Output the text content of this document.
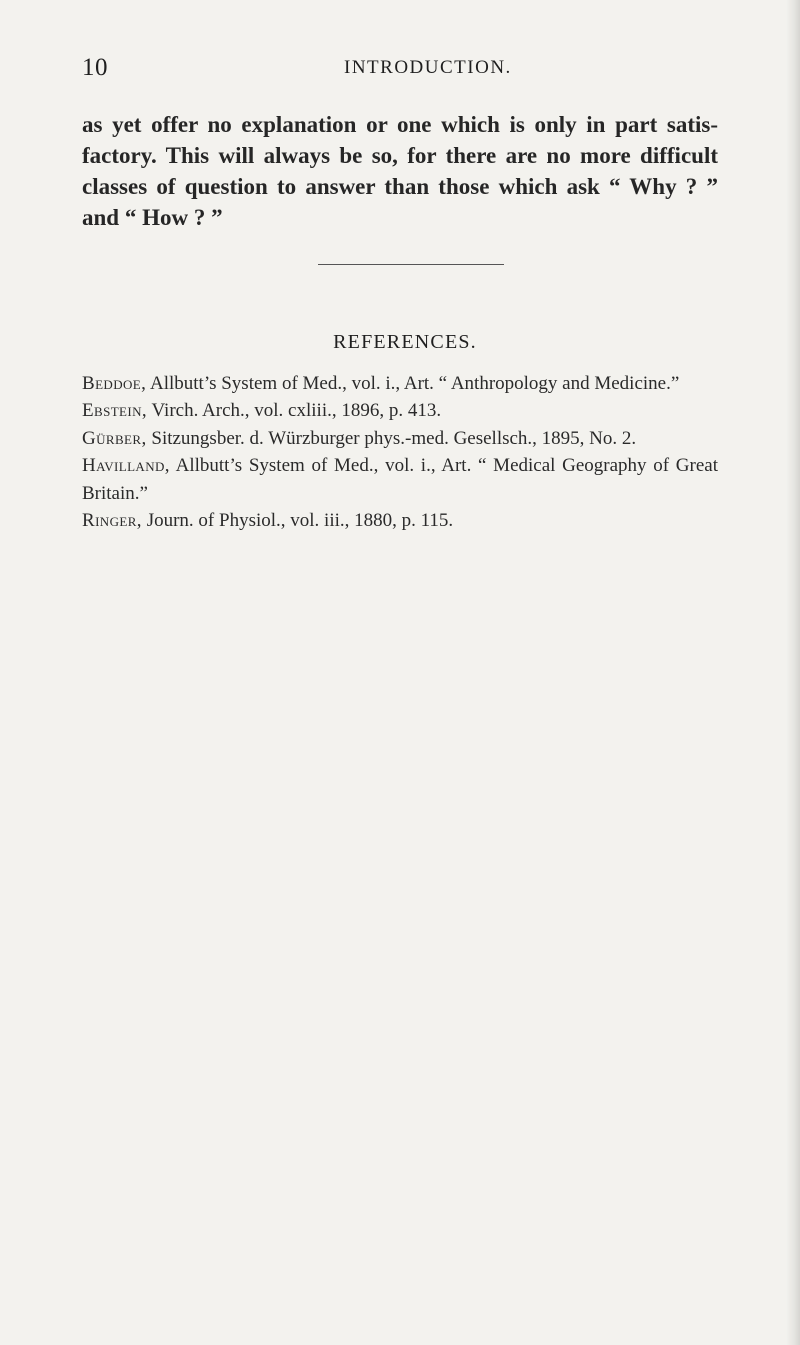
10	INTRODUCTION.

as yet offer no explanation or one which is only in part satis-factory. This will always be so, for there are no more difficult classes of question to answer than those which ask “ Why ? ” and “ How ? ”

REFERENCES.
Beddoe, Allbutt’s System of Med., vol. i., Art. “ Anthropology and Medicine.”
Ebstein, Virch. Arch., vol. cxliii., 1896, p. 413.
Gürber, Sitzungsber. d. Würzburger phys.-med. Gesellsch., 1895, No. 2.
Havilland, Allbutt’s System of Med., vol. i., Art. “ Medical Geography of Great Britain.”
Ringer, Journ. of Physiol., vol. iii., 1880, p. 115.
